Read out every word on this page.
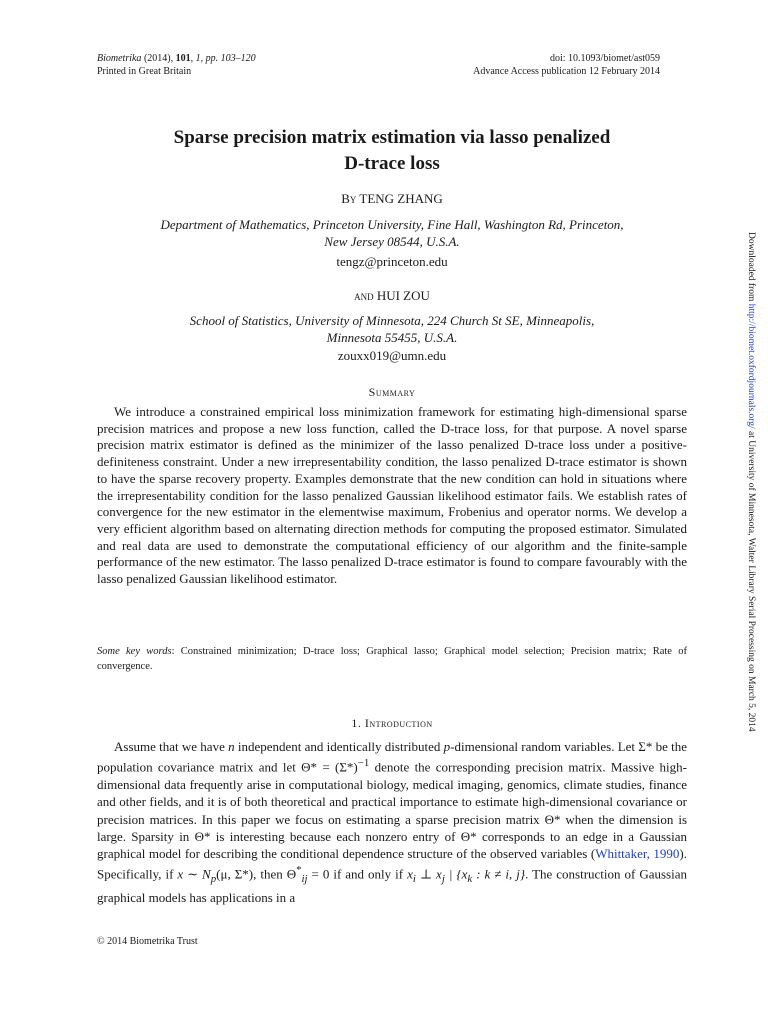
Biometrika (2014), 101, 1, pp. 103–120
Printed in Great Britain
doi: 10.1093/biomet/ast059
Advance Access publication 12 February 2014
Sparse precision matrix estimation via lasso penalized
D-trace loss
By TENG ZHANG
Department of Mathematics, Princeton University, Fine Hall, Washington Rd, Princeton,
New Jersey 08544, U.S.A.
tengz@princeton.edu
and HUI ZOU
School of Statistics, University of Minnesota, 224 Church St SE, Minneapolis,
Minnesota 55455, U.S.A.
zouxx019@umn.edu
Summary
We introduce a constrained empirical loss minimization framework for estimating high-dimensional sparse precision matrices and propose a new loss function, called the D-trace loss, for that purpose. A novel sparse precision matrix estimator is defined as the minimizer of the lasso penalized D-trace loss under a positive-definiteness constraint. Under a new irrepresentability condition, the lasso penalized D-trace estimator is shown to have the sparse recovery property. Examples demonstrate that the new condition can hold in situations where the irrepresentability condition for the lasso penalized Gaussian likelihood estimator fails. We establish rates of convergence for the new estimator in the elementwise maximum, Frobenius and operator norms. We develop a very efficient algorithm based on alternating direction methods for computing the proposed estimator. Simulated and real data are used to demonstrate the computational efficiency of our algorithm and the finite-sample performance of the new estimator. The lasso penalized D-trace estimator is found to compare favourably with the lasso penalized Gaussian likelihood estimator.
Some key words: Constrained minimization; D-trace loss; Graphical lasso; Graphical model selection; Precision matrix; Rate of convergence.
1. Introduction
Assume that we have n independent and identically distributed p-dimensional random variables. Let Σ* be the population covariance matrix and let $\Theta* = (\Sigma*)^{-1}$ denote the corresponding precision matrix. Massive high-dimensional data frequently arise in computational biology, medical imaging, genomics, climate studies, finance and other fields, and it is of both theoretical and practical importance to estimate high-dimensional covariance or precision matrices. In this paper we focus on estimating a sparse precision matrix Θ* when the dimension is large. Sparsity in Θ* is interesting because each nonzero entry of Θ* corresponds to an edge in a Gaussian graphical model for describing the conditional dependence structure of the observed variables (Whittaker, 1990). Specifically, if x ∼ $N_p(\mu$, Σ*), then $\Theta^*_{ij} = 0$ if and only if $x_i$ ⊥ $x_j$ | {$x_k$ : k ≠ i, j}. The construction of Gaussian graphical models has applications in a
© 2014 Biometrika Trust
Downloaded from http://biomet.oxfordjournals.org/ at University of Minnesota, Walter Library Serial Processing on March 5, 2014
